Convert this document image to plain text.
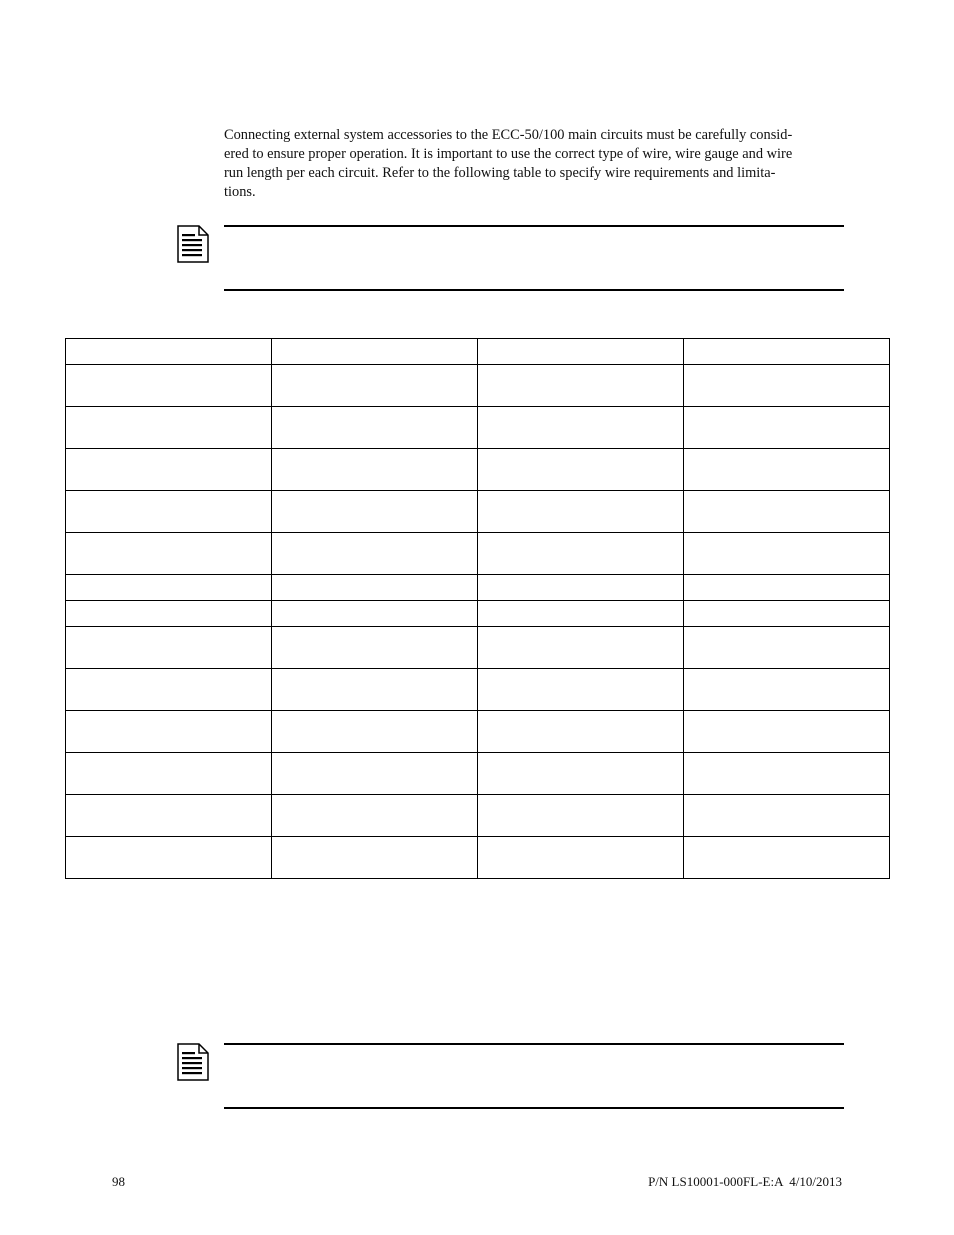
Connecting external system accessories to the ECC-50/100 main circuits must be carefully consid-
ered to ensure proper operation. It is important to use the correct type of wire, wire gauge and wire
run length per each circuit. Refer to the following table to specify wire requirements and limita-
tions.

98	P/N LS10001-000FL-E:A  4/10/2013
